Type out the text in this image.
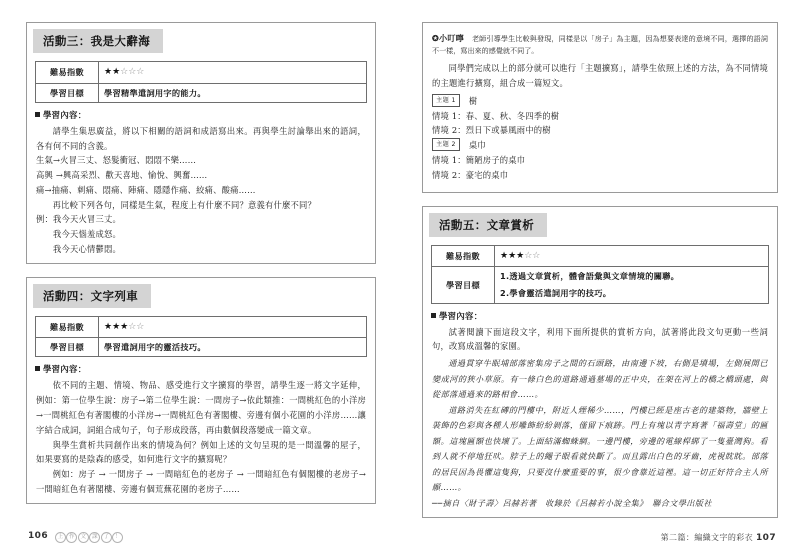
活動三：我是大辭海
難易指數	★★☆☆☆
學習目標	學習精準遣詞用字的能力。
學習內容：

請學生集思廣益，將以下相關的語詞和成語寫出來。再與學生討論舉出來的語詞，各有何不同的含義。

生氣→火冒三丈、怒髮衝冠、悶悶不樂……

高興 →興高采烈、歡天喜地、愉悅、興奮……

痛→抽痛、刺痛、悶痛、陣痛、隱隱作痛、絞痛、酸痛……

再比較下列各句，同樣是生氣，程度上有什麼不同？意義有什麼不同？

例：我今天火冒三丈。

　　我今天惱羞成怒。

　　我今天心情鬱悶。

活動四：文字列車
難易指數	★★★☆☆
學習目標	學習遣詞用字的靈活技巧。
學習內容：

依不同的主題、情境、物品、感受進行文字擴寫的學習，請學生逐一將文字延伸，例如：第一位學生說：房子→第二位學生說：一間房子→依此類推：一間桃紅色的小洋房→一間桃紅色有著閣樓的小洋房→一間桃紅色有著閣樓、旁邊有個小花園的小洋房……讓字結合成詞，詞組合成句子，句子形成段落，再由數個段落變成一篇文章。

與學生賞析共同創作出來的情境為何？例如上述的文句呈現的是一間溫馨的屋子，如果要寫的是陰森的感受，如何進行文字的擴寫呢？

例如：房子 → 一間房子 → 一間暗紅色的老房子 → 一間暗紅色有個閣樓的老房子→一間暗紅色有著閣樓、旁邊有個荒蕪花園的老房子……

106 上 作 文 課 了 ！
✪小叮嚀 老師引導學生比較與發現，同樣是以「房子」為主題，因為想要表達的意境不同，選擇的語詞不一樣，寫出來的感覺就不同了。

同學們完成以上的部分就可以進行「主題擴寫」，請學生依照上述的方法，為不同情境的主題進行擴寫，組合成一篇短文。

主題 1 樹
情境 1：春、夏、秋、冬四季的樹
情境 2：烈日下或暴風雨中的樹
主題 2 桌巾
情境 1：簡陋房子的桌巾
情境 2：豪宅的桌巾
活動五：文章賞析
難易指數	★★★☆☆
學習目標	1.透過文章賞析，體會語彙與文章情境的關聯。
2.學會靈活遣詞用字的技巧。
學習內容：

試著閱讀下面這段文字，利用下面所提供的賞析方向，試著將此段文句更動一些詞句，改寫成溫馨的家園。

通過貫穿牛眠埔部落密集房子之間的石頭路，由南邊下坡，右側是墳場，左側展開已變成河的狹小草原。有一條白色的道路通過墓場的正中央，在架在河上的橋之橋頭處，與從部落通過來的路相會……。

道路消失在紅磚的門樓中，附近人煙稀少……，門樓已經是座古老的建築物，牆壁上裝飾的色彩與各種人形雕飾紛紛剝落，僅留下痕跡。門上有塊以青字寫著「福壽堂」的匾額。這塊匾額也快壞了。上面結滿蜘蛛網。一邊門樓，旁邊的電線桿綁了一隻臺灣狗。看到人就不停地狂吠。脖子上的繩子眼看就快斷了。而且露出白色的牙齒，虎視眈眈。部落的居民因為畏懼這隻狗，只要沒什麼重要的事，很少會靠近這裡。這一切正好符合主人所願……。

──摘自〈財子壽〉呂赫若著　收錄於《呂赫若小說全集》　聯合文學出版社

第二篇：編織文字的彩衣 107
